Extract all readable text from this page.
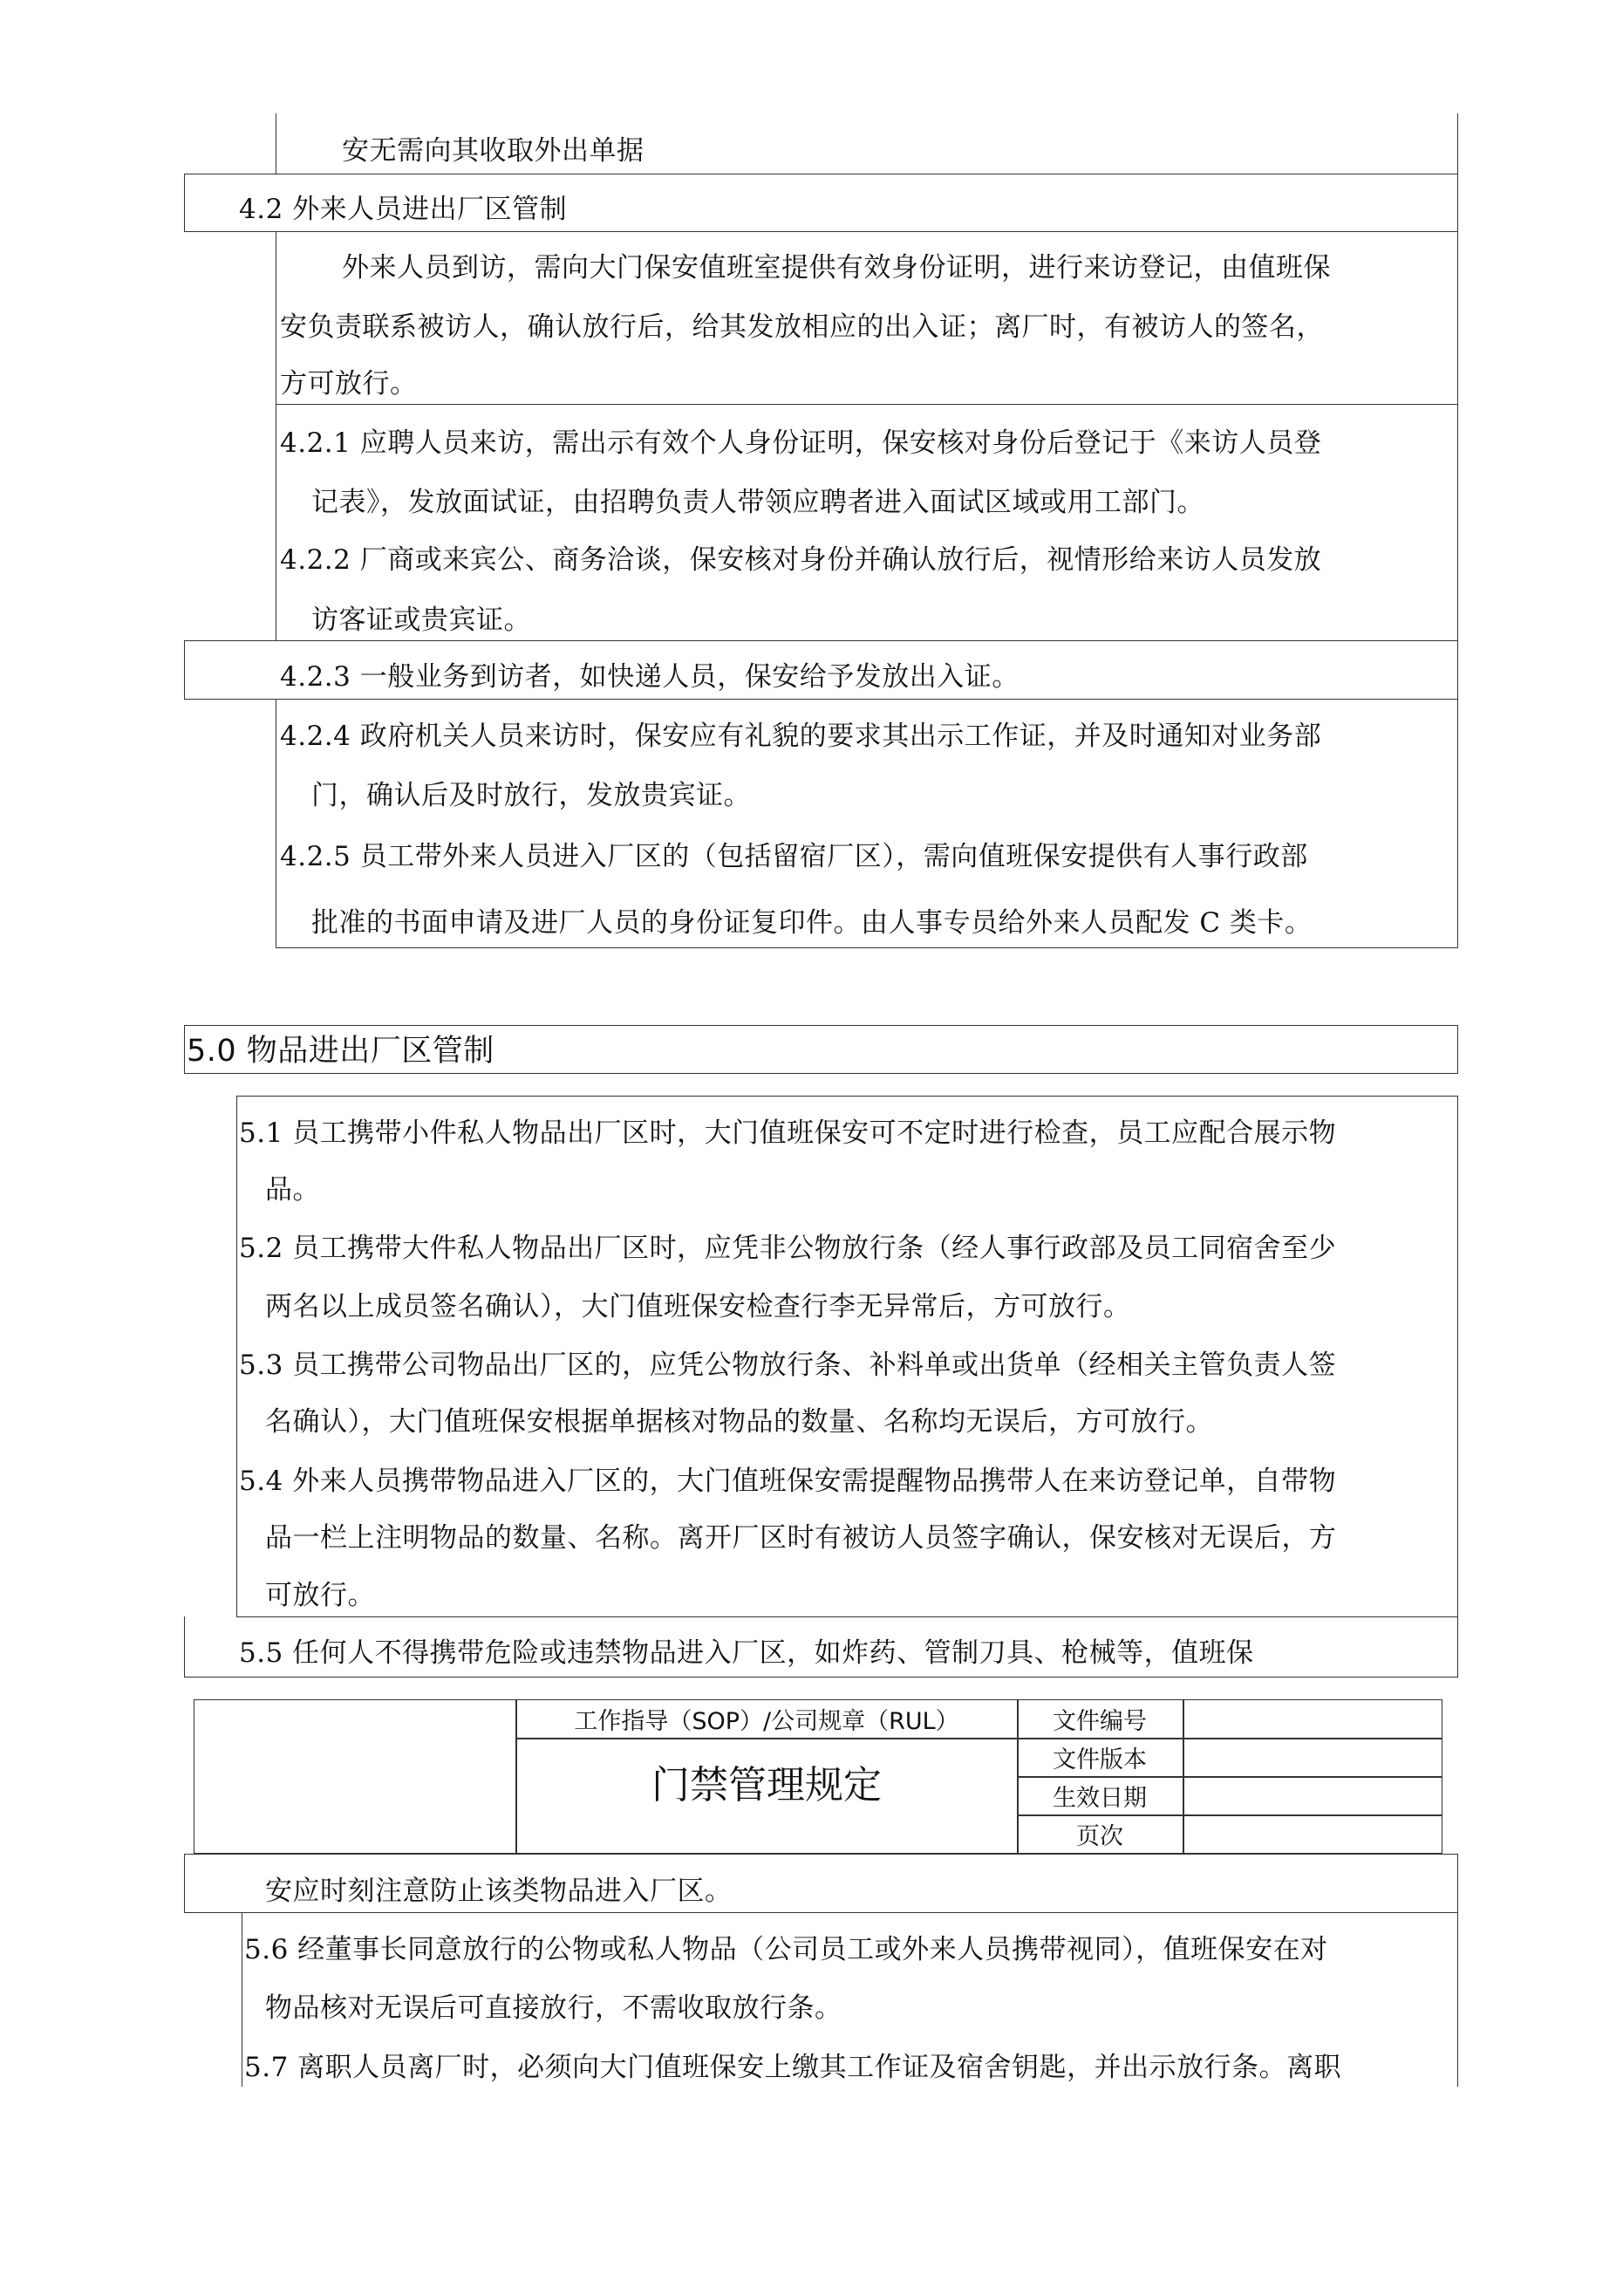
安无需向其收取外出单据
4.2 外来人员进出厂区管制
外来人员到访，需向大门保安值班室提供有效身份证明，进行来访登记，由值班保
安负责联系被访人，确认放行后，给其发放相应的出入证；离厂时，有被访人的签名，
方可放行。
4.2.1 应聘人员来访，需出示有效个人身份证明，保安核对身份后登记于《来访人员登
记表》，发放面试证，由招聘负责人带领应聘者进入面试区域或用工部门。
4.2.2 厂商或来宾公、商务洽谈，保安核对身份并确认放行后，视情形给来访人员发放
访客证或贵宾证。
4.2.3 一般业务到访者，如快递人员，保安给予发放出入证。
4.2.4 政府机关人员来访时，保安应有礼貌的要求其出示工作证，并及时通知对业务部
门，确认后及时放行，发放贵宾证。
4.2.5 员工带外来人员进入厂区的（包括留宿厂区），需向值班保安提供有人事行政部
批准的书面申请及进厂人员的身份证复印件。由人事专员给外来人员配发 C 类卡。
5.0 物品进出厂区管制
5.1 员工携带小件私人物品出厂区时，大门值班保安可不定时进行检查，员工应配合展示物
品。
5.2 员工携带大件私人物品出厂区时，应凭非公物放行条（经人事行政部及员工同宿舍至少
两名以上成员签名确认），大门值班保安检查行李无异常后，方可放行。
5.3 员工携带公司物品出厂区的，应凭公物放行条、补料单或出货单（经相关主管负责人签
名确认），大门值班保安根据单据核对物品的数量、名称均无误后，方可放行。
5.4 外来人员携带物品进入厂区的，大门值班保安需提醒物品携带人在来访登记单，自带物
品一栏上注明物品的数量、名称。离开厂区时有被访人员签字确认，保安核对无误后，方
可放行。
5.5 任何人不得携带危险或违禁物品进入厂区，如炸药、管制刀具、枪械等，值班保
工作指导（SOP）/公司规章（RUL）
门禁管理规定
文件编号
文件版本
生效日期
页次
安应时刻注意防止该类物品进入厂区。
5.6 经董事长同意放行的公物或私人物品（公司员工或外来人员携带视同），值班保安在对
物品核对无误后可直接放行，不需收取放行条。
5.7 离职人员离厂时，必须向大门值班保安上缴其工作证及宿舍钥匙，并出示放行条。离职
